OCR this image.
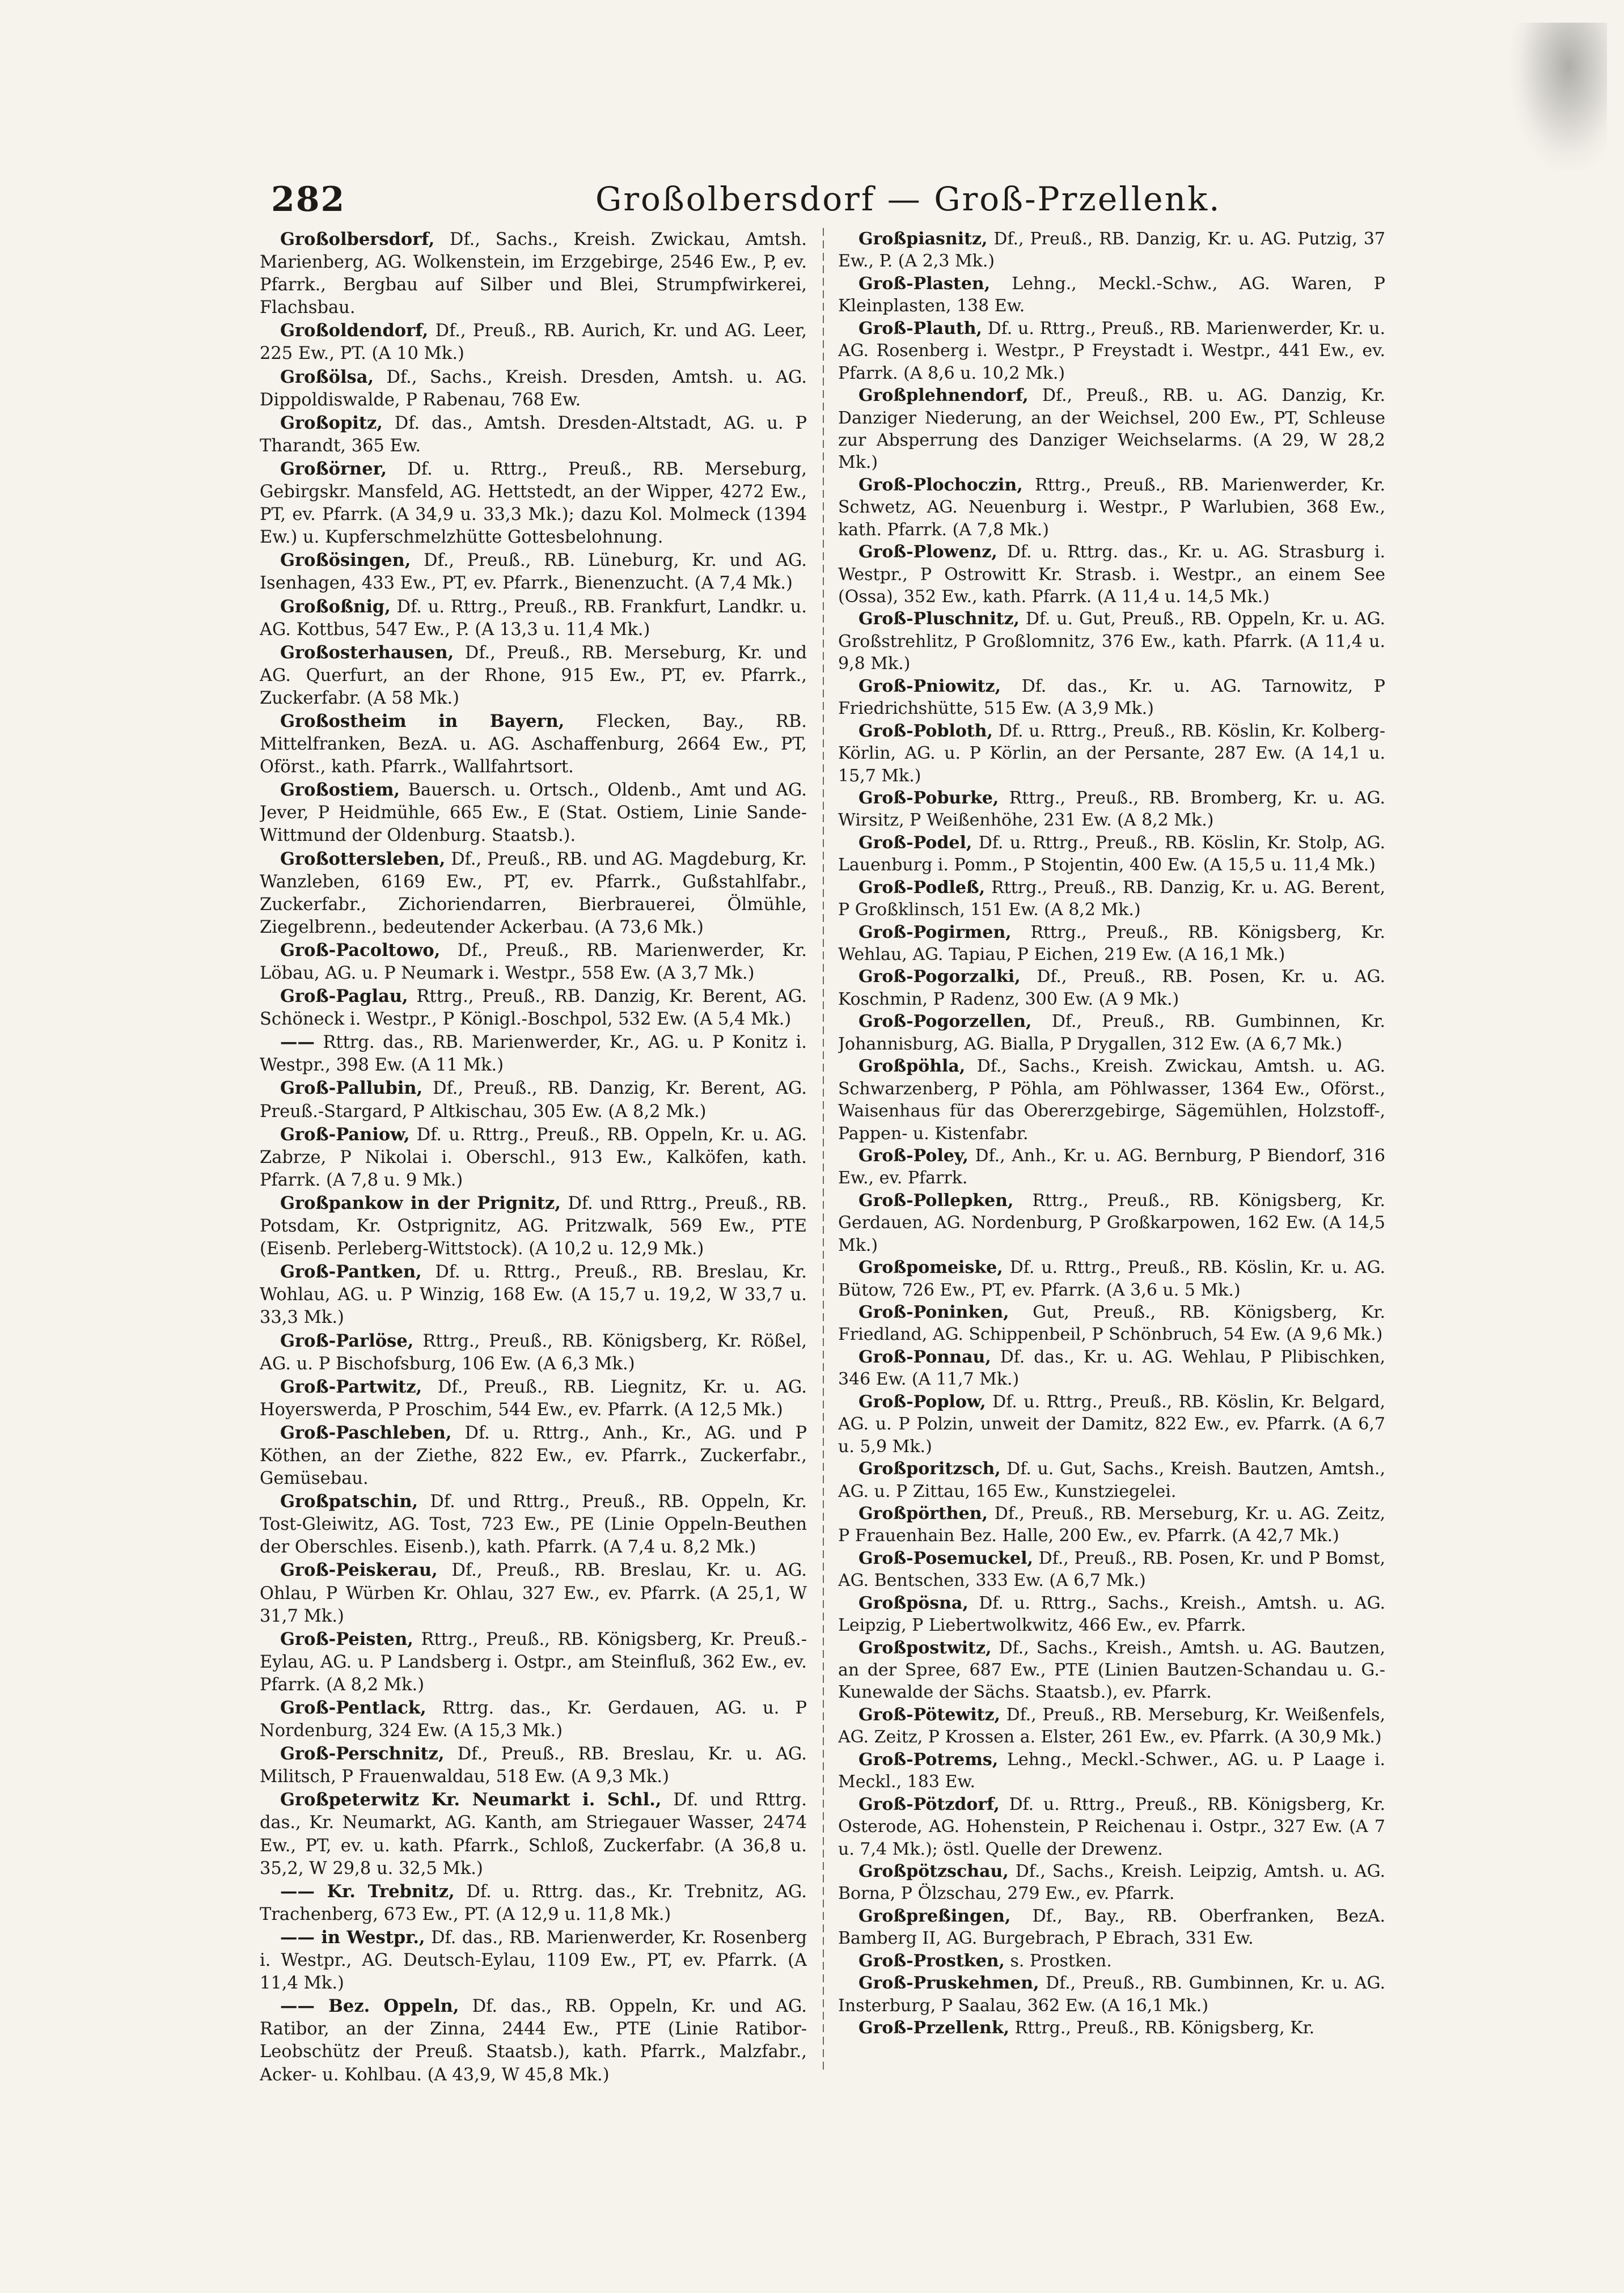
282	Großolbersdorf — Groß-Przellenk.

Großolbersdorf, Df., Sachs., Kreish. Zwickau, Amtsh. Marienberg, AG. Wolkenstein, im Erzgebirge, 2546 Ew., P, ev. Pfarrk., Bergbau auf Silber und Blei, Strumpfwirkerei, Flachsbau.

Großoldendorf, Df., Preuß., RB. Aurich, Kr. und AG. Leer, 225 Ew., PT. (A 10 Mk.)

Großölsa, Df., Sachs., Kreish. Dresden, Amtsh. u. AG. Dippoldiswalde, P Rabenau, 768 Ew.

Großopitz, Df. das., Amtsh. Dresden-Altstadt, AG. u. P Tharandt, 365 Ew.

Großörner, Df. u. Rttrg., Preuß., RB. Merseburg, Gebirgskr. Mansfeld, AG. Hettstedt, an der Wipper, 4272 Ew., PT, ev. Pfarrk. (A 34,9 u. 33,3 Mk.); dazu Kol. Molmeck (1394 Ew.) u. Kupferschmelzhütte Gottesbelohnung.

Großösingen, Df., Preuß., RB. Lüneburg, Kr. und AG. Isenhagen, 433 Ew., PT, ev. Pfarrk., Bienenzucht. (A 7,4 Mk.)

Großoßnig, Df. u. Rttrg., Preuß., RB. Frankfurt, Landkr. u. AG. Kottbus, 547 Ew., P. (A 13,3 u. 11,4 Mk.)

Großosterhausen, Df., Preuß., RB. Merseburg, Kr. und AG. Querfurt, an der Rhone, 915 Ew., PT, ev. Pfarrk., Zuckerfabr. (A 58 Mk.)

Großostheim in Bayern, Flecken, Bay., RB. Mittelfranken, BezA. u. AG. Aschaffenburg, 2664 Ew., PT, Oförst., kath. Pfarrk., Wallfahrtsort.

Großostiem, Bauersch. u. Ortsch., Oldenb., Amt und AG. Jever, P Heidmühle, 665 Ew., E (Stat. Ostiem, Linie Sande-Wittmund der Oldenburg. Staatsb.).

Großottersleben, Df., Preuß., RB. und AG. Magdeburg, Kr. Wanzleben, 6169 Ew., PT, ev. Pfarrk., Gußstahlfabr., Zuckerfabr., Zichoriendarren, Bierbrauerei, Ölmühle, Ziegelbrenn., bedeutender Ackerbau. (A 73,6 Mk.)

Groß-Pacoltowo, Df., Preuß., RB. Marienwerder, Kr. Löbau, AG. u. P Neumark i. Westpr., 558 Ew. (A 3,7 Mk.)

Groß-Paglau, Rttrg., Preuß., RB. Danzig, Kr. Berent, AG. Schöneck i. Westpr., P Königl.-Boschpol, 532 Ew. (A 5,4 Mk.)

—— Rttrg. das., RB. Marienwerder, Kr., AG. u. P Konitz i. Westpr., 398 Ew. (A 11 Mk.)

Groß-Pallubin, Df., Preuß., RB. Danzig, Kr. Berent, AG. Preuß.-Stargard, P Altkischau, 305 Ew. (A 8,2 Mk.)

Groß-Paniow, Df. u. Rttrg., Preuß., RB. Oppeln, Kr. u. AG. Zabrze, P Nikolai i. Oberschl., 913 Ew., Kalköfen, kath. Pfarrk. (A 7,8 u. 9 Mk.)

Großpankow in der Prignitz, Df. und Rttrg., Preuß., RB. Potsdam, Kr. Ostprignitz, AG. Pritzwalk, 569 Ew., PTE (Eisenb. Perleberg-Wittstock). (A 10,2 u. 12,9 Mk.)

Groß-Pantken, Df. u. Rttrg., Preuß., RB. Breslau, Kr. Wohlau, AG. u. P Winzig, 168 Ew. (A 15,7 u. 19,2, W 33,7 u. 33,3 Mk.)

Groß-Parlöse, Rttrg., Preuß., RB. Königsberg, Kr. Rößel, AG. u. P Bischofsburg, 106 Ew. (A 6,3 Mk.)

Groß-Partwitz, Df., Preuß., RB. Liegnitz, Kr. u. AG. Hoyerswerda, P Proschim, 544 Ew., ev. Pfarrk. (A 12,5 Mk.)

Groß-Paschleben, Df. u. Rttrg., Anh., Kr., AG. und P Köthen, an der Ziethe, 822 Ew., ev. Pfarrk., Zuckerfabr., Gemüsebau.

Großpatschin, Df. und Rttrg., Preuß., RB. Oppeln, Kr. Tost-Gleiwitz, AG. Tost, 723 Ew., PE (Linie Oppeln-Beuthen der Oberschles. Eisenb.), kath. Pfarrk. (A 7,4 u. 8,2 Mk.)

Groß-Peiskerau, Df., Preuß., RB. Breslau, Kr. u. AG. Ohlau, P Würben Kr. Ohlau, 327 Ew., ev. Pfarrk. (A 25,1, W 31,7 Mk.)

Groß-Peisten, Rttrg., Preuß., RB. Königsberg, Kr. Preuß.-Eylau, AG. u. P Landsberg i. Ostpr., am Steinfluß, 362 Ew., ev. Pfarrk. (A 8,2 Mk.)

Groß-Pentlack, Rttrg. das., Kr. Gerdauen, AG. u. P Nordenburg, 324 Ew. (A 15,3 Mk.)

Groß-Perschnitz, Df., Preuß., RB. Breslau, Kr. u. AG. Militsch, P Frauenwaldau, 518 Ew. (A 9,3 Mk.)

Großpeterwitz Kr. Neumarkt i. Schl., Df. und Rttrg. das., Kr. Neumarkt, AG. Kanth, am Striegauer Wasser, 2474 Ew., PT, ev. u. kath. Pfarrk., Schloß, Zuckerfabr. (A 36,8 u. 35,2, W 29,8 u. 32,5 Mk.)

—— Kr. Trebnitz, Df. u. Rttrg. das., Kr. Trebnitz, AG. Trachenberg, 673 Ew., PT. (A 12,9 u. 11,8 Mk.)

—— in Westpr., Df. das., RB. Marienwerder, Kr. Rosenberg i. Westpr., AG. Deutsch-Eylau, 1109 Ew., PT, ev. Pfarrk. (A 11,4 Mk.)

—— Bez. Oppeln, Df. das., RB. Oppeln, Kr. und AG. Ratibor, an der Zinna, 2444 Ew., PTE (Linie Ratibor-Leobschütz der Preuß. Staatsb.), kath. Pfarrk., Malzfabr., Acker- u. Kohlbau. (A 43,9, W 45,8 Mk.)

Großpiasnitz, Df., Preuß., RB. Danzig, Kr. u. AG. Putzig, 37 Ew., P. (A 2,3 Mk.)

Groß-Plasten, Lehng., Meckl.-Schw., AG. Waren, P Kleinplasten, 138 Ew.

Groß-Plauth, Df. u. Rttrg., Preuß., RB. Marienwerder, Kr. u. AG. Rosenberg i. Westpr., P Freystadt i. Westpr., 441 Ew., ev. Pfarrk. (A 8,6 u. 10,2 Mk.)

Großplehnendorf, Df., Preuß., RB. u. AG. Danzig, Kr. Danziger Niederung, an der Weichsel, 200 Ew., PT, Schleuse zur Absperrung des Danziger Weichselarms. (A 29, W 28,2 Mk.)

Groß-Plochoczin, Rttrg., Preuß., RB. Marienwerder, Kr. Schwetz, AG. Neuenburg i. Westpr., P Warlubien, 368 Ew., kath. Pfarrk. (A 7,8 Mk.)

Groß-Plowenz, Df. u. Rttrg. das., Kr. u. AG. Strasburg i. Westpr., P Ostrowitt Kr. Strasb. i. Westpr., an einem See (Ossa), 352 Ew., kath. Pfarrk. (A 11,4 u. 14,5 Mk.)

Groß-Pluschnitz, Df. u. Gut, Preuß., RB. Oppeln, Kr. u. AG. Großstrehlitz, P Großlomnitz, 376 Ew., kath. Pfarrk. (A 11,4 u. 9,8 Mk.)

Groß-Pniowitz, Df. das., Kr. u. AG. Tarnowitz, P Friedrichshütte, 515 Ew. (A 3,9 Mk.)

Groß-Pobloth, Df. u. Rttrg., Preuß., RB. Köslin, Kr. Kolberg-Körlin, AG. u. P Körlin, an der Persante, 287 Ew. (A 14,1 u. 15,7 Mk.)

Groß-Poburke, Rttrg., Preuß., RB. Bromberg, Kr. u. AG. Wirsitz, P Weißenhöhe, 231 Ew. (A 8,2 Mk.)

Groß-Podel, Df. u. Rttrg., Preuß., RB. Köslin, Kr. Stolp, AG. Lauenburg i. Pomm., P Stojentin, 400 Ew. (A 15,5 u. 11,4 Mk.)

Groß-Podleß, Rttrg., Preuß., RB. Danzig, Kr. u. AG. Berent, P Großklinsch, 151 Ew. (A 8,2 Mk.)

Groß-Pogirmen, Rttrg., Preuß., RB. Königsberg, Kr. Wehlau, AG. Tapiau, P Eichen, 219 Ew. (A 16,1 Mk.)

Groß-Pogorzalki, Df., Preuß., RB. Posen, Kr. u. AG. Koschmin, P Radenz, 300 Ew. (A 9 Mk.)

Groß-Pogorzellen, Df., Preuß., RB. Gumbinnen, Kr. Johannisburg, AG. Bialla, P Drygallen, 312 Ew. (A 6,7 Mk.)

Großpöhla, Df., Sachs., Kreish. Zwickau, Amtsh. u. AG. Schwarzenberg, P Pöhla, am Pöhlwasser, 1364 Ew., Oförst., Waisenhaus für das Obererzgebirge, Sägemühlen, Holzstoff-, Pappen- u. Kistenfabr.

Groß-Poley, Df., Anh., Kr. u. AG. Bernburg, P Biendorf, 316 Ew., ev. Pfarrk.

Groß-Pollepken, Rttrg., Preuß., RB. Königsberg, Kr. Gerdauen, AG. Nordenburg, P Großkarpowen, 162 Ew. (A 14,5 Mk.)

Großpomeiske, Df. u. Rttrg., Preuß., RB. Köslin, Kr. u. AG. Bütow, 726 Ew., PT, ev. Pfarrk. (A 3,6 u. 5 Mk.)

Groß-Poninken, Gut, Preuß., RB. Königsberg, Kr. Friedland, AG. Schippenbeil, P Schönbruch, 54 Ew. (A 9,6 Mk.)

Groß-Ponnau, Df. das., Kr. u. AG. Wehlau, P Plibischken, 346 Ew. (A 11,7 Mk.)

Groß-Poplow, Df. u. Rttrg., Preuß., RB. Köslin, Kr. Belgard, AG. u. P Polzin, unweit der Damitz, 822 Ew., ev. Pfarrk. (A 6,7 u. 5,9 Mk.)

Großporitzsch, Df. u. Gut, Sachs., Kreish. Bautzen, Amtsh., AG. u. P Zittau, 165 Ew., Kunstziegelei.

Großpörthen, Df., Preuß., RB. Merseburg, Kr. u. AG. Zeitz, P Frauenhain Bez. Halle, 200 Ew., ev. Pfarrk. (A 42,7 Mk.)

Groß-Posemuckel, Df., Preuß., RB. Posen, Kr. und P Bomst, AG. Bentschen, 333 Ew. (A 6,7 Mk.)

Großpösna, Df. u. Rttrg., Sachs., Kreish., Amtsh. u. AG. Leipzig, P Liebertwolkwitz, 466 Ew., ev. Pfarrk.

Großpostwitz, Df., Sachs., Kreish., Amtsh. u. AG. Bautzen, an der Spree, 687 Ew., PTE (Linien Bautzen-Schandau u. G.-Kunewalde der Sächs. Staatsb.), ev. Pfarrk.

Groß-Pötewitz, Df., Preuß., RB. Merseburg, Kr. Weißenfels, AG. Zeitz, P Krossen a. Elster, 261 Ew., ev. Pfarrk. (A 30,9 Mk.)

Groß-Potrems, Lehng., Meckl.-Schwer., AG. u. P Laage i. Meckl., 183 Ew.

Groß-Pötzdorf, Df. u. Rttrg., Preuß., RB. Königsberg, Kr. Osterode, AG. Hohenstein, P Reichenau i. Ostpr., 327 Ew. (A 7 u. 7,4 Mk.); östl. Quelle der Drewenz.

Großpötzschau, Df., Sachs., Kreish. Leipzig, Amtsh. u. AG. Borna, P Ölzschau, 279 Ew., ev. Pfarrk.

Großpreßingen, Df., Bay., RB. Oberfranken, BezA. Bamberg II, AG. Burgebrach, P Ebrach, 331 Ew.

Groß-Prostken, s. Prostken.

Groß-Pruskehmen, Df., Preuß., RB. Gumbinnen, Kr. u. AG. Insterburg, P Saalau, 362 Ew. (A 16,1 Mk.)

Groß-Przellenk, Rttrg., Preuß., RB. Königsberg, Kr.
